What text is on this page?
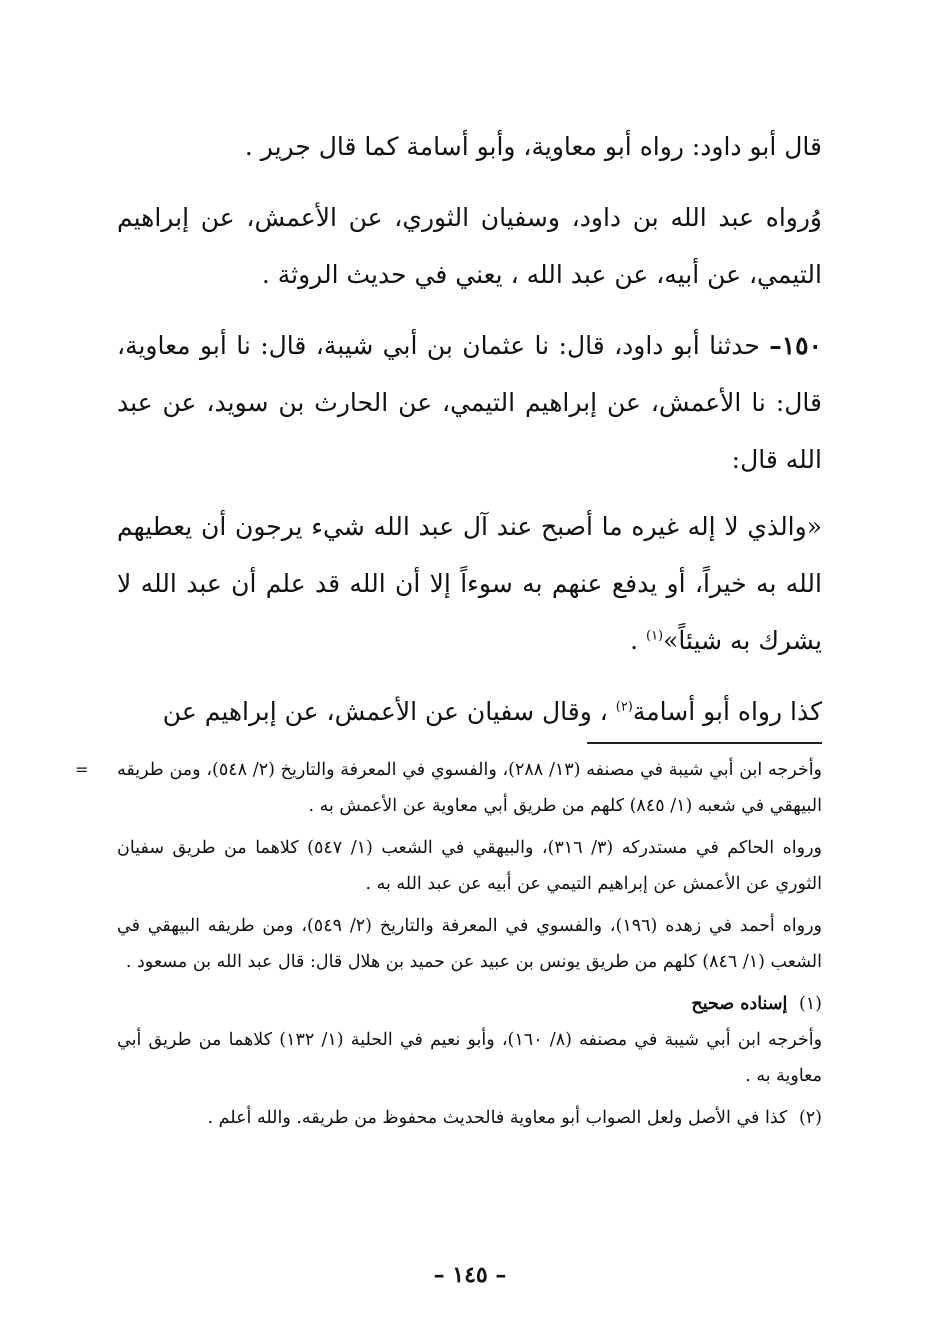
قال أبو داود: رواه أبو معاوية، وأبو أسامة كما قال جرير .

وُرواه عبد الله بن داود، وسفيان الثوري، عن الأعمش، عن إبراهيم التيمي، عن أبيه، عن عبد الله ، يعني في حديث الروثة .

١٥٠– حدثنا أبو داود، قال: نا عثمان بن أبي شيبة، قال: نا أبو معاوية، قال: نا الأعمش، عن إبراهيم التيمي، عن الحارث بن سويد، عن عبد الله قال:

«والذي لا إله غيره ما أصبح عند آل عبد الله شيء يرجون أن يعطيهم الله به خيراً، أو يدفع عنهم به سوءاً إلا أن الله قد علم أن عبد الله لا يشرك به شيئاً»$^{(١)}$ .

كذا رواه أبو أسامة$^{(٢)}$ ، وقال سفيان عن الأعمش، عن إبراهيم عن

= وأخرجه ابن أبي شيبة في مصنفه (١٣/ ٢٨٨)، والفسوي في المعرفة والتاريخ (٢/ ٥٤٨)، ومن طريقه البيهقي في شعبه (١/ ٨٤٥) كلهم من طريق أبي معاوية عن الأعمش به .

ورواه الحاكم في مستدركه (٣/ ٣١٦)، والبيهقي في الشعب (١/ ٥٤٧) كلاهما من طريق سفيان الثوري عن الأعمش عن إبراهيم التيمي عن أبيه عن عبد الله به .

ورواه أحمد في زهده (١٩٦)، والفسوي في المعرفة والتاريخ (٢/ ٥٤٩)، ومن طريقه البيهقي في الشعب (١/ ٨٤٦) كلهم من طريق يونس بن عبيد عن حميد بن هلال قال: قال عبد الله بن مسعود .

(١) إسناده صحيح

وأخرجه ابن أبي شيبة في مصنفه (٨/ ١٦٠)، وأبو نعيم في الحلية (١/ ١٣٢) كلاهما من طريق أبي معاوية به .

(٢) كذا في الأصل ولعل الصواب أبو معاوية فالحديث محفوظ من طريقه. والله أعلم .

– ١٤٥ –
